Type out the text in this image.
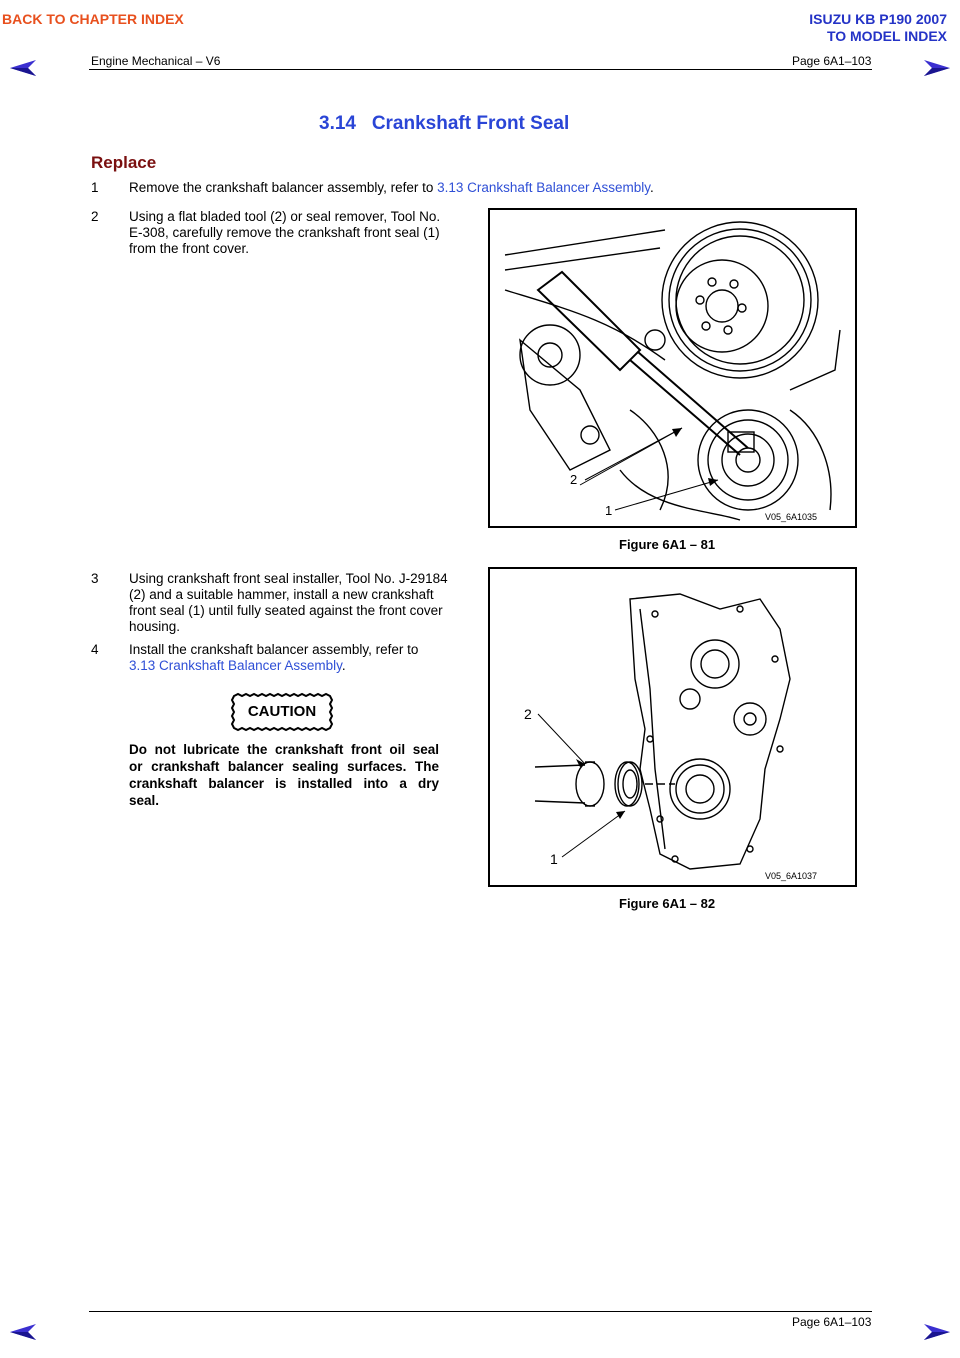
BACK TO CHAPTER INDEX	ISUZU KB P190 2007
TO MODEL INDEX
Engine Mechanical – V6	Page 6A1–103
3.14   Crankshaft Front Seal
Replace
1 Remove the crankshaft balancer assembly, refer to 3.13 Crankshaft Balancer Assembly.
2 Using a flat bladed tool (2) or seal remover, Tool No.
E-308, carefully remove the crankshaft front seal (1)
from the front cover.
2
1	V05_6A1035
Figure 6A1 – 81
3 Using crankshaft front seal installer, Tool No. J-29184
(2) and a suitable hammer, install a new crankshaft
front seal (1) until fully seated against the front cover
housing.
4 Install the crankshaft balancer assembly, refer to
3.13 Crankshaft Balancer Assembly.
CAUTION
Do not lubricate the crankshaft front oil seal
or crankshaft balancer sealing surfaces. The
crankshaft balancer is installed into a dry
seal.
2
1
V05_6A1037
Figure 6A1 – 82
Page 6A1–103
